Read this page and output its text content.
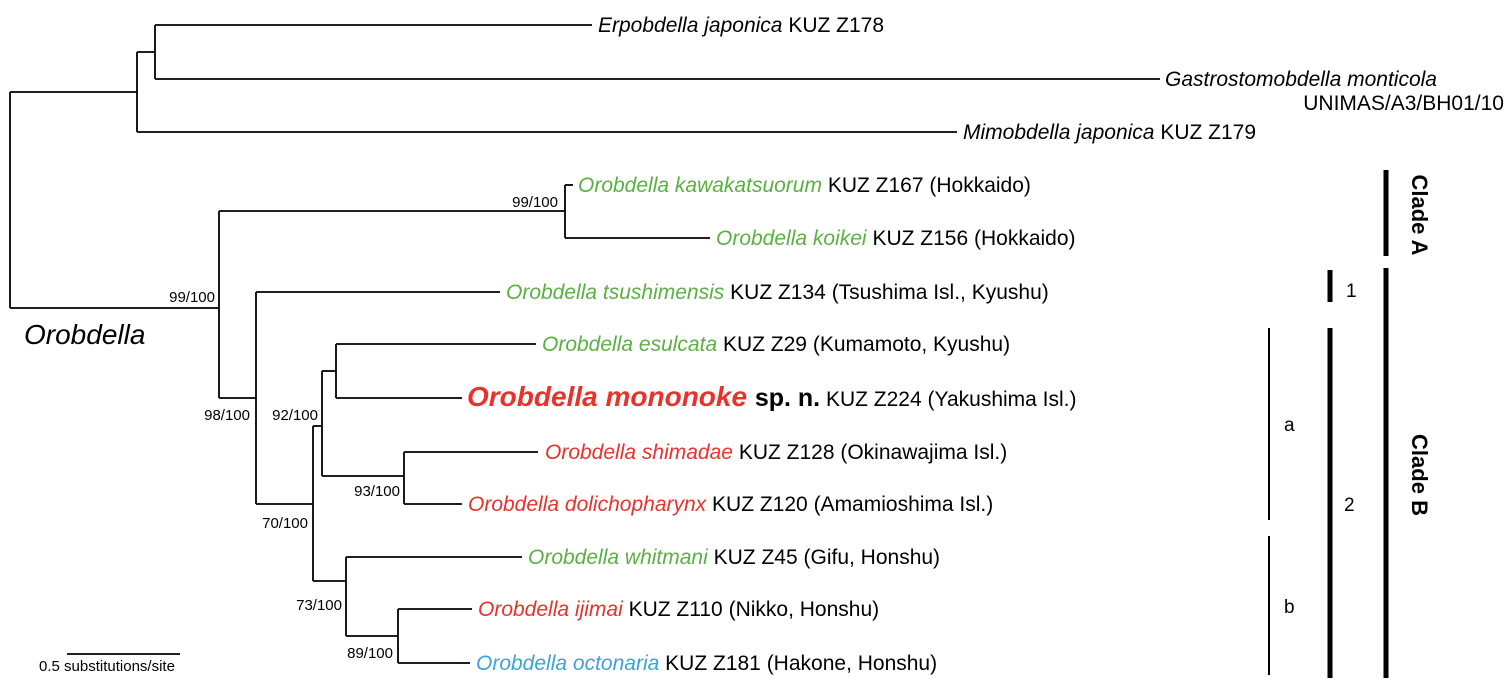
Erpobdella japonica KUZ Z178
Gastrostomobdella monticola
UNIMAS/A3/BH01/10
Mimobdella japonica KUZ Z179
Orobdella kawakatsuorum KUZ Z167 (Hokkaido)
Orobdella koikei KUZ Z156 (Hokkaido)
Orobdella tsushimensis KUZ Z134 (Tsushima Isl., Kyushu)
Orobdella esulcata KUZ Z29 (Kumamoto, Kyushu)
Orobdella mononoke sp. n. KUZ Z224 (Yakushima Isl.)
Orobdella shimadae KUZ Z128 (Okinawajima Isl.)
Orobdella dolichopharynx KUZ Z120 (Amamioshima Isl.)
Orobdella whitmani KUZ Z45 (Gifu, Honshu)
Orobdella ijimai KUZ Z110 (Nikko, Honshu)
Orobdella octonaria KUZ Z181 (Hakone, Honshu)
99/100
99/100
98/100 92/100
70/100
93/100
73/100
89/100
Orobdella
a
b
1
2
Clade A
Clade B
0.5 substitutions/site
